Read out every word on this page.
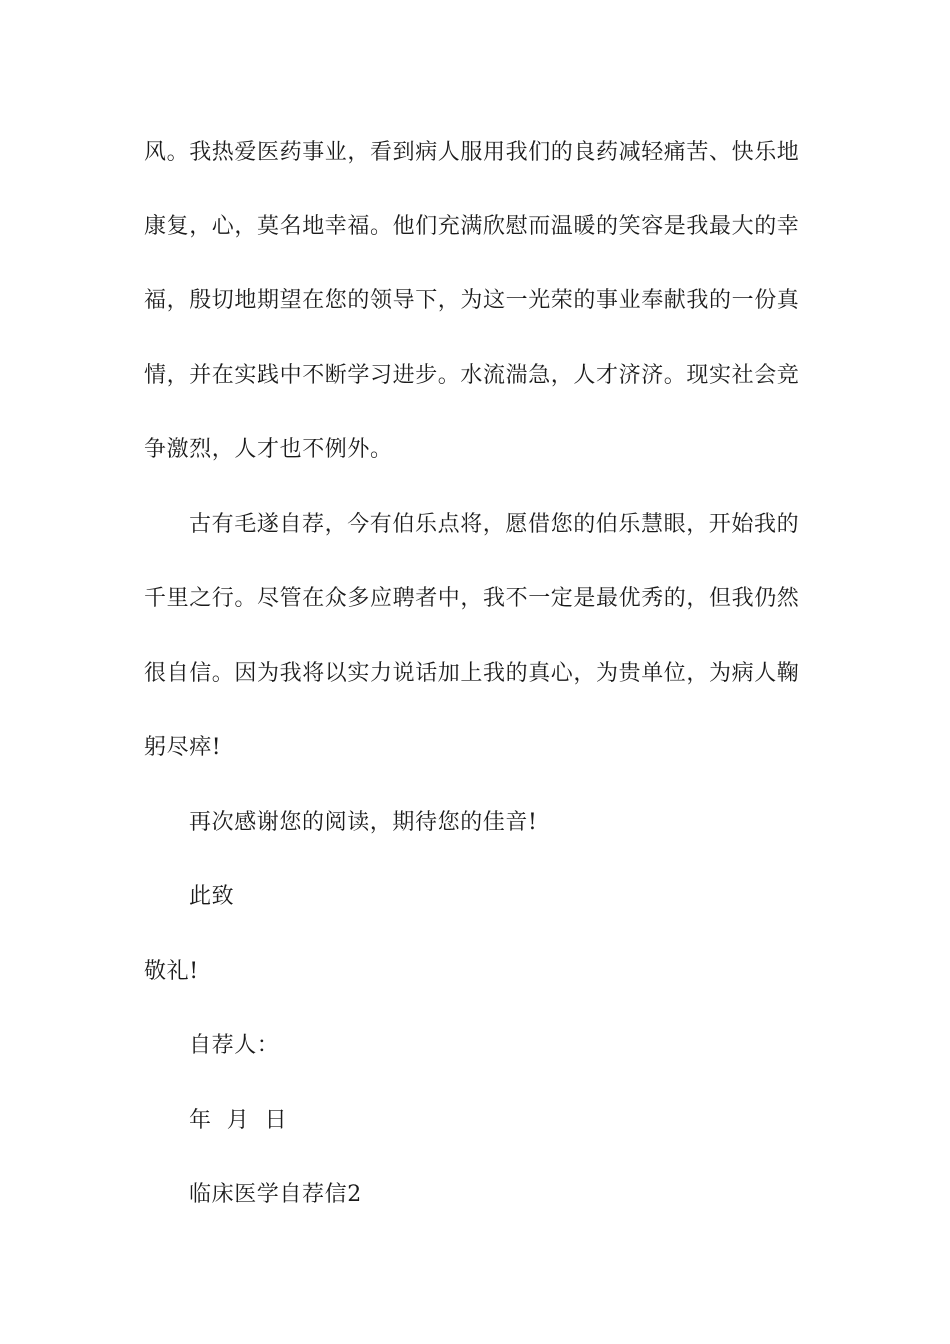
风。我热爱医药事业，看到病人服用我们的良药减轻痛苦、快乐地
康复，心，莫名地幸福。他们充满欣慰而温暖的笑容是我最大的幸
福，殷切地期望在您的领导下，为这一光荣的事业奉献我的一份真
情，并在实践中不断学习进步。水流湍急，人才济济。现实社会竞
争激烈，人才也不例外。
古有毛遂自荐，今有伯乐点将，愿借您的伯乐慧眼，开始我的
千里之行。尽管在众多应聘者中，我不一定是最优秀的，但我仍然
很自信。因为我将以实力说话加上我的真心，为贵单位，为病人鞠
躬尽瘁!
再次感谢您的阅读，期待您的佳音!
此致
敬礼!
自荐人：
年  月  日
临床医学自荐信2
